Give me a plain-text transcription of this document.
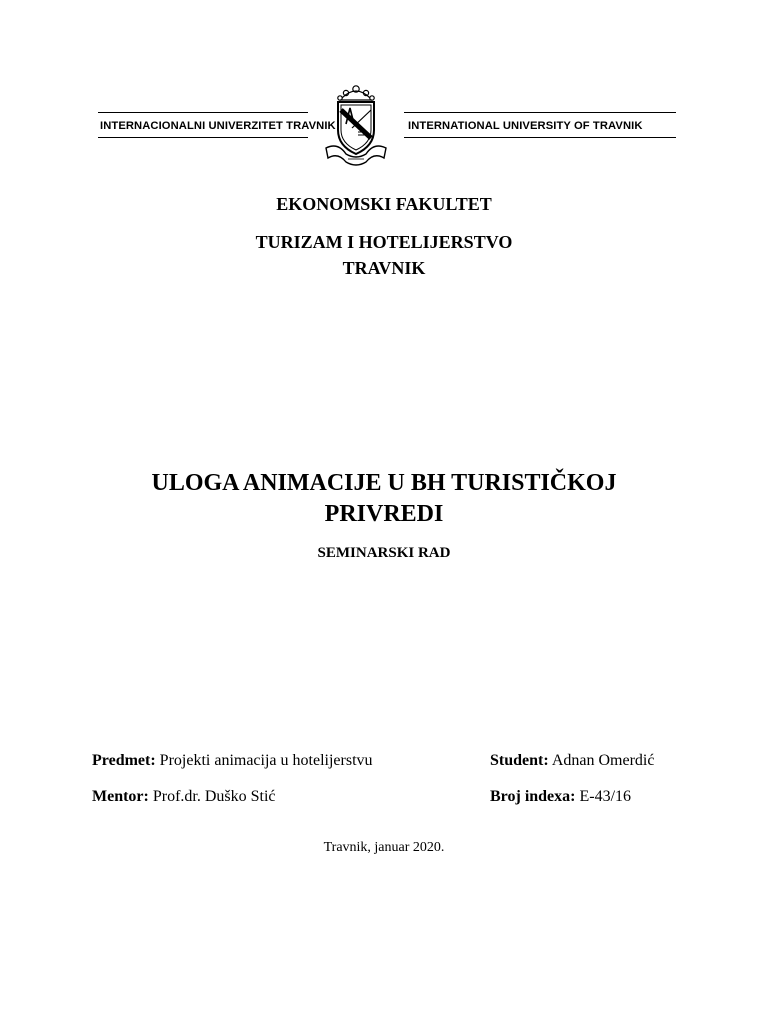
INTERNACIONALNI UNIVERZITET TRAVNIK	INTERNATIONAL UNIVERSITY OF TRAVNIK
EKONOMSKI FAKULTET
TURIZAM I HOTELIJERSTVO
TRAVNIK
ULOGA ANIMACIJE U BH TURISTIČKOJ
PRIVREDI
SEMINARSKI RAD
Predmet: Projekti animacija u hotelijerstvu
Mentor: Prof.dr. Duško Stić
Student: Adnan Omerdić
Broj indexa: E-43/16
Travnik, januar 2020.
